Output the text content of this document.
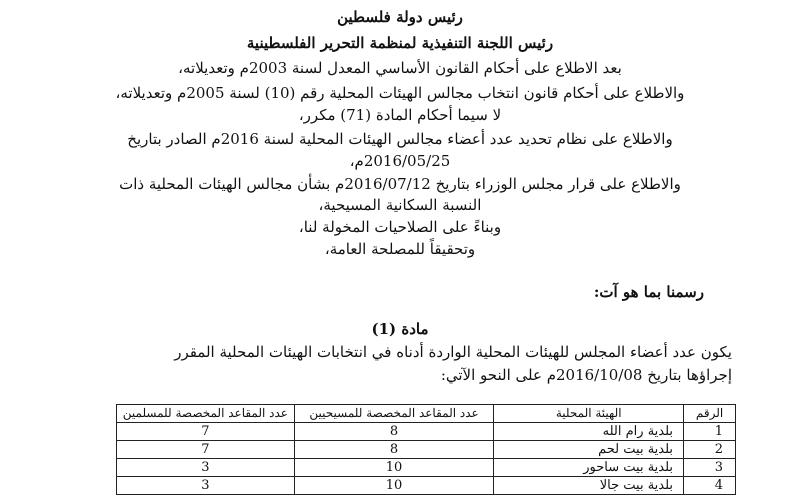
رئيس دولة فلسطين
رئيس اللجنة التنفيذية لمنظمة التحرير الفلسطينية
بعد الاطلاع على أحكام القانون الأساسي المعدل لسنة 2003م وتعديلاته،
والاطلاع على أحكام قانون انتخاب مجالس الهيئات المحلية رقم (10) لسنة 2005م وتعديلاته،
لا سيما أحكام المادة (71) مكرر،
والاطلاع على نظام تحديد عدد أعضاء مجالس الهيئات المحلية لسنة 2016م الصادر بتاريخ
2016/05/25م،
والاطلاع على قرار مجلس الوزراء بتاريخ 2016/07/12م بشأن مجالس الهيئات المحلية ذات
النسبة السكانية المسيحية،
وبناءً على الصلاحيات المخولة لنا،
وتحقيقاً للمصلحة العامة،
رسمنا بما هو آت:
مادة (1)
يكون عدد أعضاء المجلس للهيئات المحلية الواردة أدناه في انتخابات الهيئات المحلية المقرر
إجراؤها بتاريخ 2016/10/08م على النحو الآتي:
الرقم	الهيئة المحلية	عدد المقاعد المخصصة للمسيحيين	عدد المقاعد المخصصة للمسلمين
1	بلدية رام الله	8	7
2	بلدية بيت لحم	8	7
3	بلدية بيت ساحور	10	3
4	بلدية بيت جالا	10	3
